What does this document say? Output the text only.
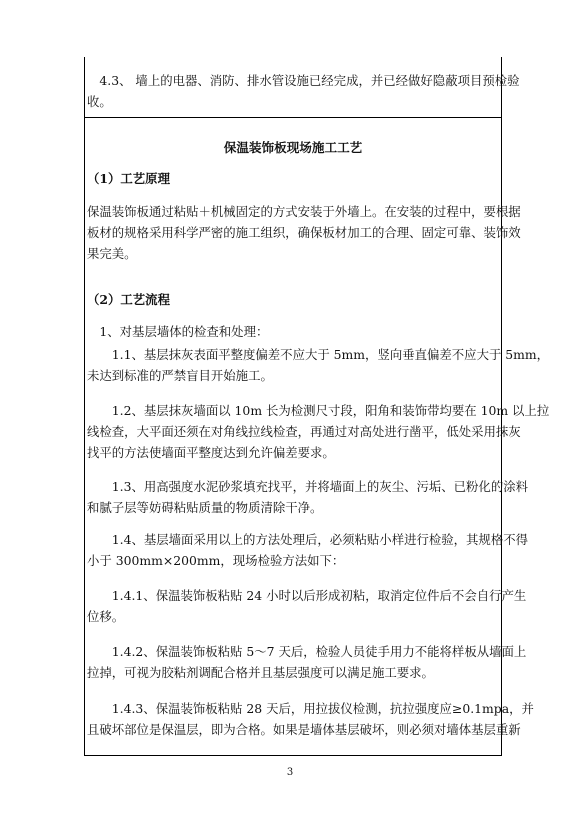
　4.3、 墙上的电器、消防、排水管设施已经完成，并已经做好隐蔽项目预检验
收。
保温装饰板现场施工工艺
（1）工艺原理
保温装饰板通过粘贴＋机械固定的方式安装于外墙上。在安装的过程中，要根据
板材的规格采用科学严密的施工组织，确保板材加工的合理、固定可靠、装饰效
果完美。
（2）工艺流程
　1、对基层墙体的检查和处理：
　　1.1、基层抹灰表面平整度偏差不应大于 5mm，竖向垂直偏差不应大于 5mm，
未达到标准的严禁盲目开始施工。
　　1.2、基层抹灰墙面以 10m 长为检测尺寸段，阳角和装饰带均要在 10m 以上拉
线检查，大平面还须在对角线拉线检查，再通过对高处进行凿平，低处采用抹灰
找平的方法使墙面平整度达到允许偏差要求。
　　1.3、用高强度水泥砂浆填充找平，并将墙面上的灰尘、污垢、已粉化的涂料
和腻子层等妨碍粘贴质量的物质清除干净。
　　1.4、基层墙面采用以上的方法处理后，必须粘贴小样进行检验，其规格不得
小于 300mm×200mm，现场检验方法如下：
　　1.4.1、保温装饰板粘贴 24 小时以后形成初粘，取消定位件后不会自行产生
位移。
　　1.4.2、保温装饰板粘贴 5～7 天后，检验人员徒手用力不能将样板从墙面上
拉掉，可视为胶粘剂调配合格并且基层强度可以满足施工要求。
　　1.4.3、保温装饰板粘贴 28 天后，用拉拔仪检测，抗拉强度应≥0.1mpa，并
且破坏部位是保温层，即为合格。如果是墙体基层破坏，则必须对墙体基层重新
3
